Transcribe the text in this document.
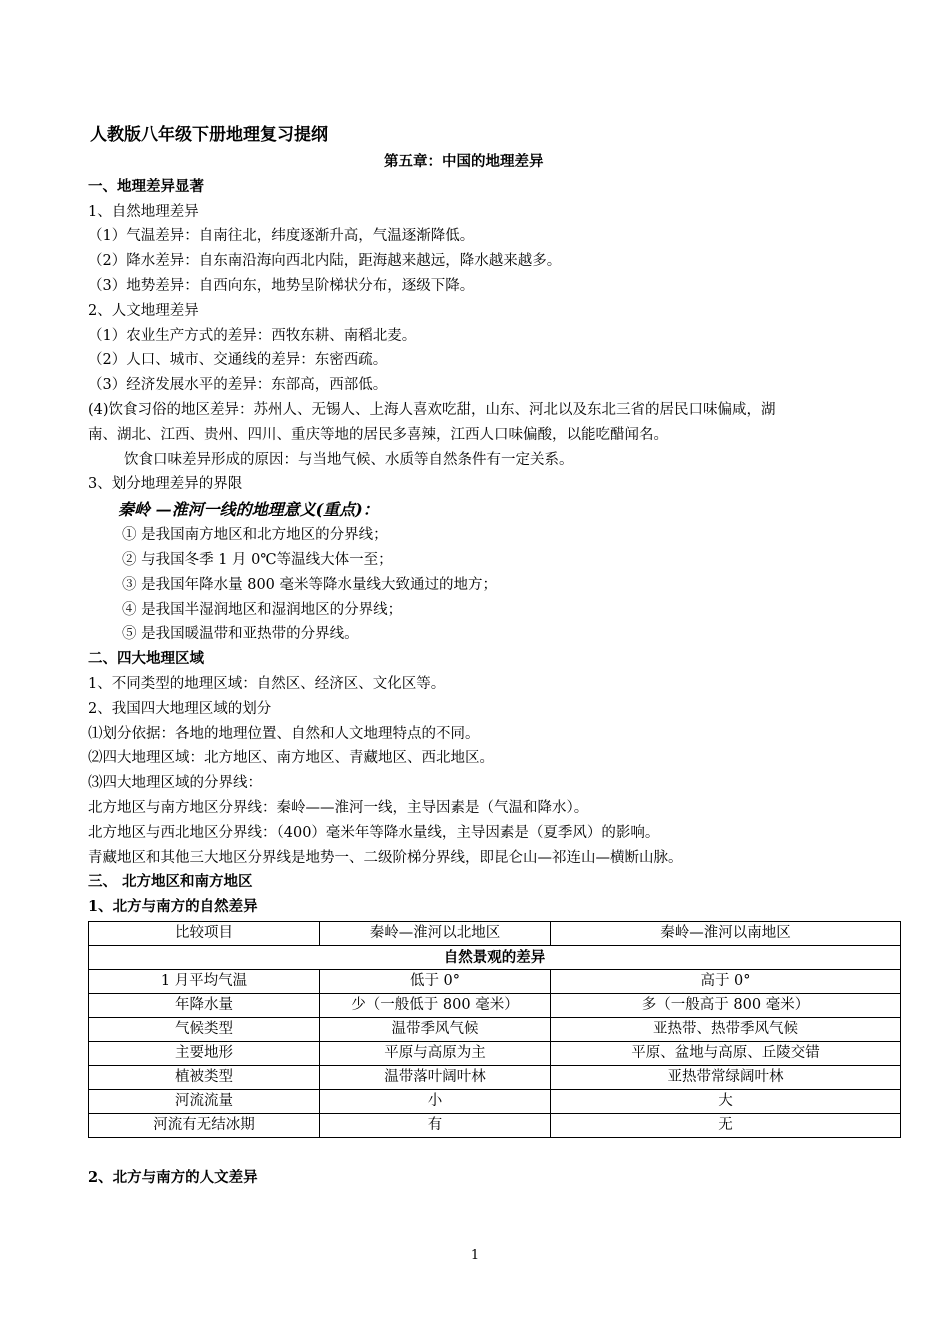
人教版八年级下册地理复习提纲
第五章：中国的地理差异
一、地理差异显著
1、自然地理差异
（1）气温差异：自南往北，纬度逐渐升高，气温逐渐降低。
（2）降水差异：自东南沿海向西北内陆，距海越来越远，降水越来越多。
（3）地势差异：自西向东，地势呈阶梯状分布，逐级下降。
2、人文地理差异
（1）农业生产方式的差异：西牧东耕、南稻北麦。
（2）人口、城市、交通线的差异：东密西疏。
（3）经济发展水平的差异：东部高，西部低。
(4)饮食习俗的地区差异：苏州人、无锡人、上海人喜欢吃甜，山东、河北以及东北三省的居民口味偏咸，湖
南、湖北、江西、贵州、四川、重庆等地的居民多喜辣，江西人口味偏酸，以能吃醋闻名。
饮食口味差异形成的原因：与当地气候、水质等自然条件有一定关系。
3、划分地理差异的界限
秦岭 —淮河一线的地理意义(重点)：
① 是我国南方地区和北方地区的分界线；
② 与我国冬季 1 月 0℃等温线大体一至；
③ 是我国年降水量 800 毫米等降水量线大致通过的地方；
④ 是我国半湿润地区和湿润地区的分界线；
⑤ 是我国暖温带和亚热带的分界线。
二、四大地理区域
1、不同类型的地理区域：自然区、经济区、文化区等。
2、我国四大地理区域的划分
⑴划分依据：各地的地理位置、自然和人文地理特点的不同。
⑵四大地理区域：北方地区、南方地区、青藏地区、西北地区。
⑶四大地理区域的分界线：
北方地区与南方地区分界线：秦岭——淮河一线，主导因素是（气温和降水）。
北方地区与西北地区分界线：（400）毫米年等降水量线，主导因素是（夏季风）的影响。
青藏地区和其他三大地区分界线是地势一、二级阶梯分界线，即昆仑山—祁连山—横断山脉。
三、 北方地区和南方地区
1、北方与南方的自然差异
比较项目	秦岭—淮河以北地区	秦岭—淮河以南地区
自然景观的差异		
1 月平均气温	低于 0°	高于 0°
年降水量	少（一般低于 800 毫米）	多（一般高于 800 毫米）
气候类型	温带季风气候	亚热带、热带季风气候
主要地形	平原与高原为主	平原、盆地与高原、丘陵交错
植被类型	温带落叶阔叶林	亚热带常绿阔叶林
河流流量	小	大
河流有无结冰期	有	无
2、北方与南方的人文差异
1
